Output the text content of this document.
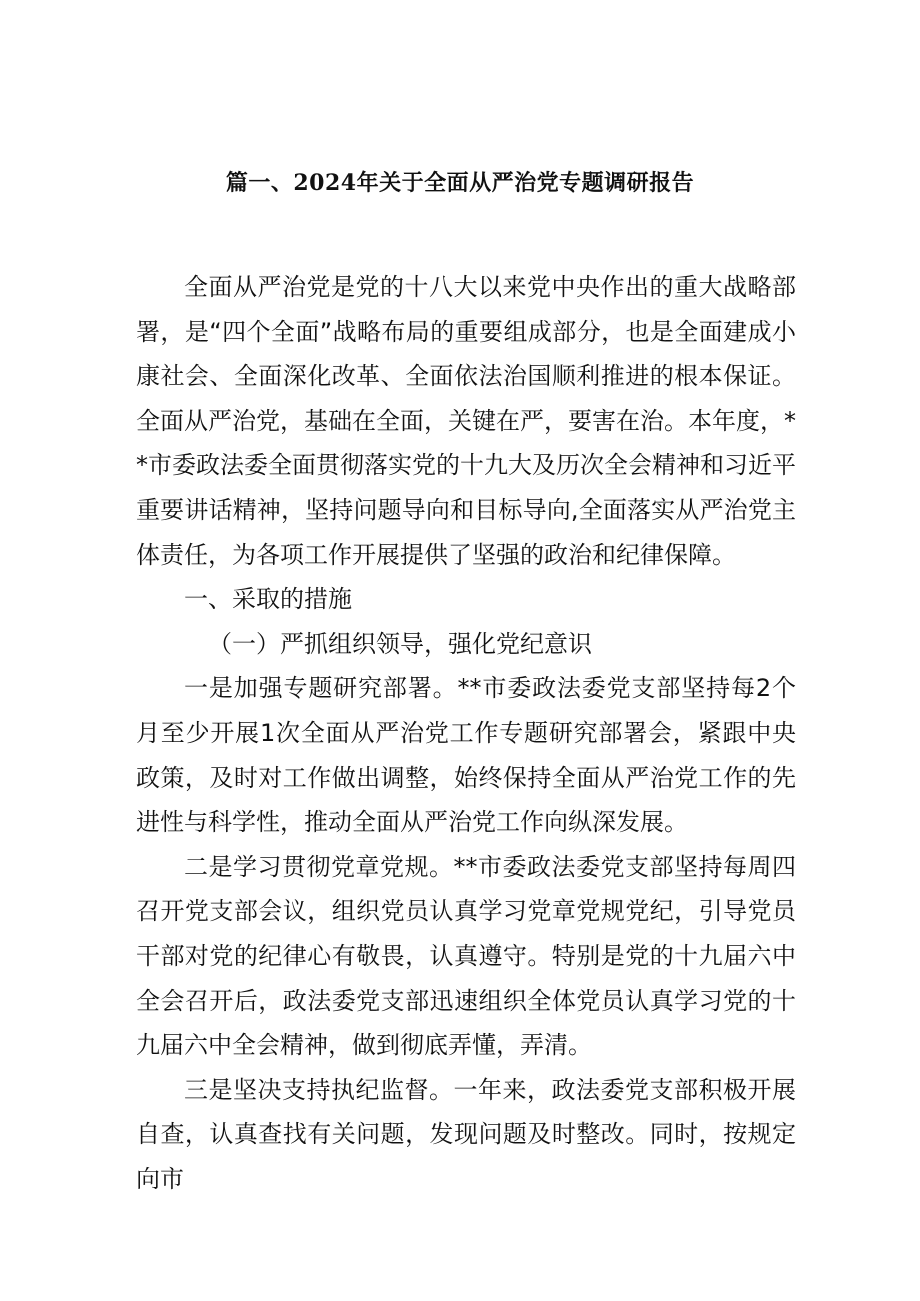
篇一、2024年关于全面从严治党专题调研报告

全面从严治党是党的十八大以来党中央作出的重大战略部署，是“四个全面”战略布局的重要组成部分，也是全面建成小康社会、全面深化改革、全面依法治国顺利推进的根本保证。全面从严治党，基础在全面，关键在严，要害在治。本年度，**市委政法委全面贯彻落实党的十九大及历次全会精神和习近平重要讲话精神，坚持问题导向和目标导向,全面落实从严治党主体责任，为各项工作开展提供了坚强的政治和纪律保障。

一、采取的措施

（一）严抓组织领导，强化党纪意识

一是加强专题研究部署。**市委政法委党支部坚持每2个月至少开展1次全面从严治党工作专题研究部署会，紧跟中央政策，及时对工作做出调整，始终保持全面从严治党工作的先进性与科学性，推动全面从严治党工作向纵深发展。

二是学习贯彻党章党规。**市委政法委党支部坚持每周四召开党支部会议，组织党员认真学习党章党规党纪，引导党员干部对党的纪律心有敬畏，认真遵守。特别是党的十九届六中全会召开后，政法委党支部迅速组织全体党员认真学习党的十九届六中全会精神，做到彻底弄懂，弄清。

三是坚决支持执纪监督。一年来，政法委党支部积极开展自查，认真查找有关问题，发现问题及时整改。同时，按规定向市
